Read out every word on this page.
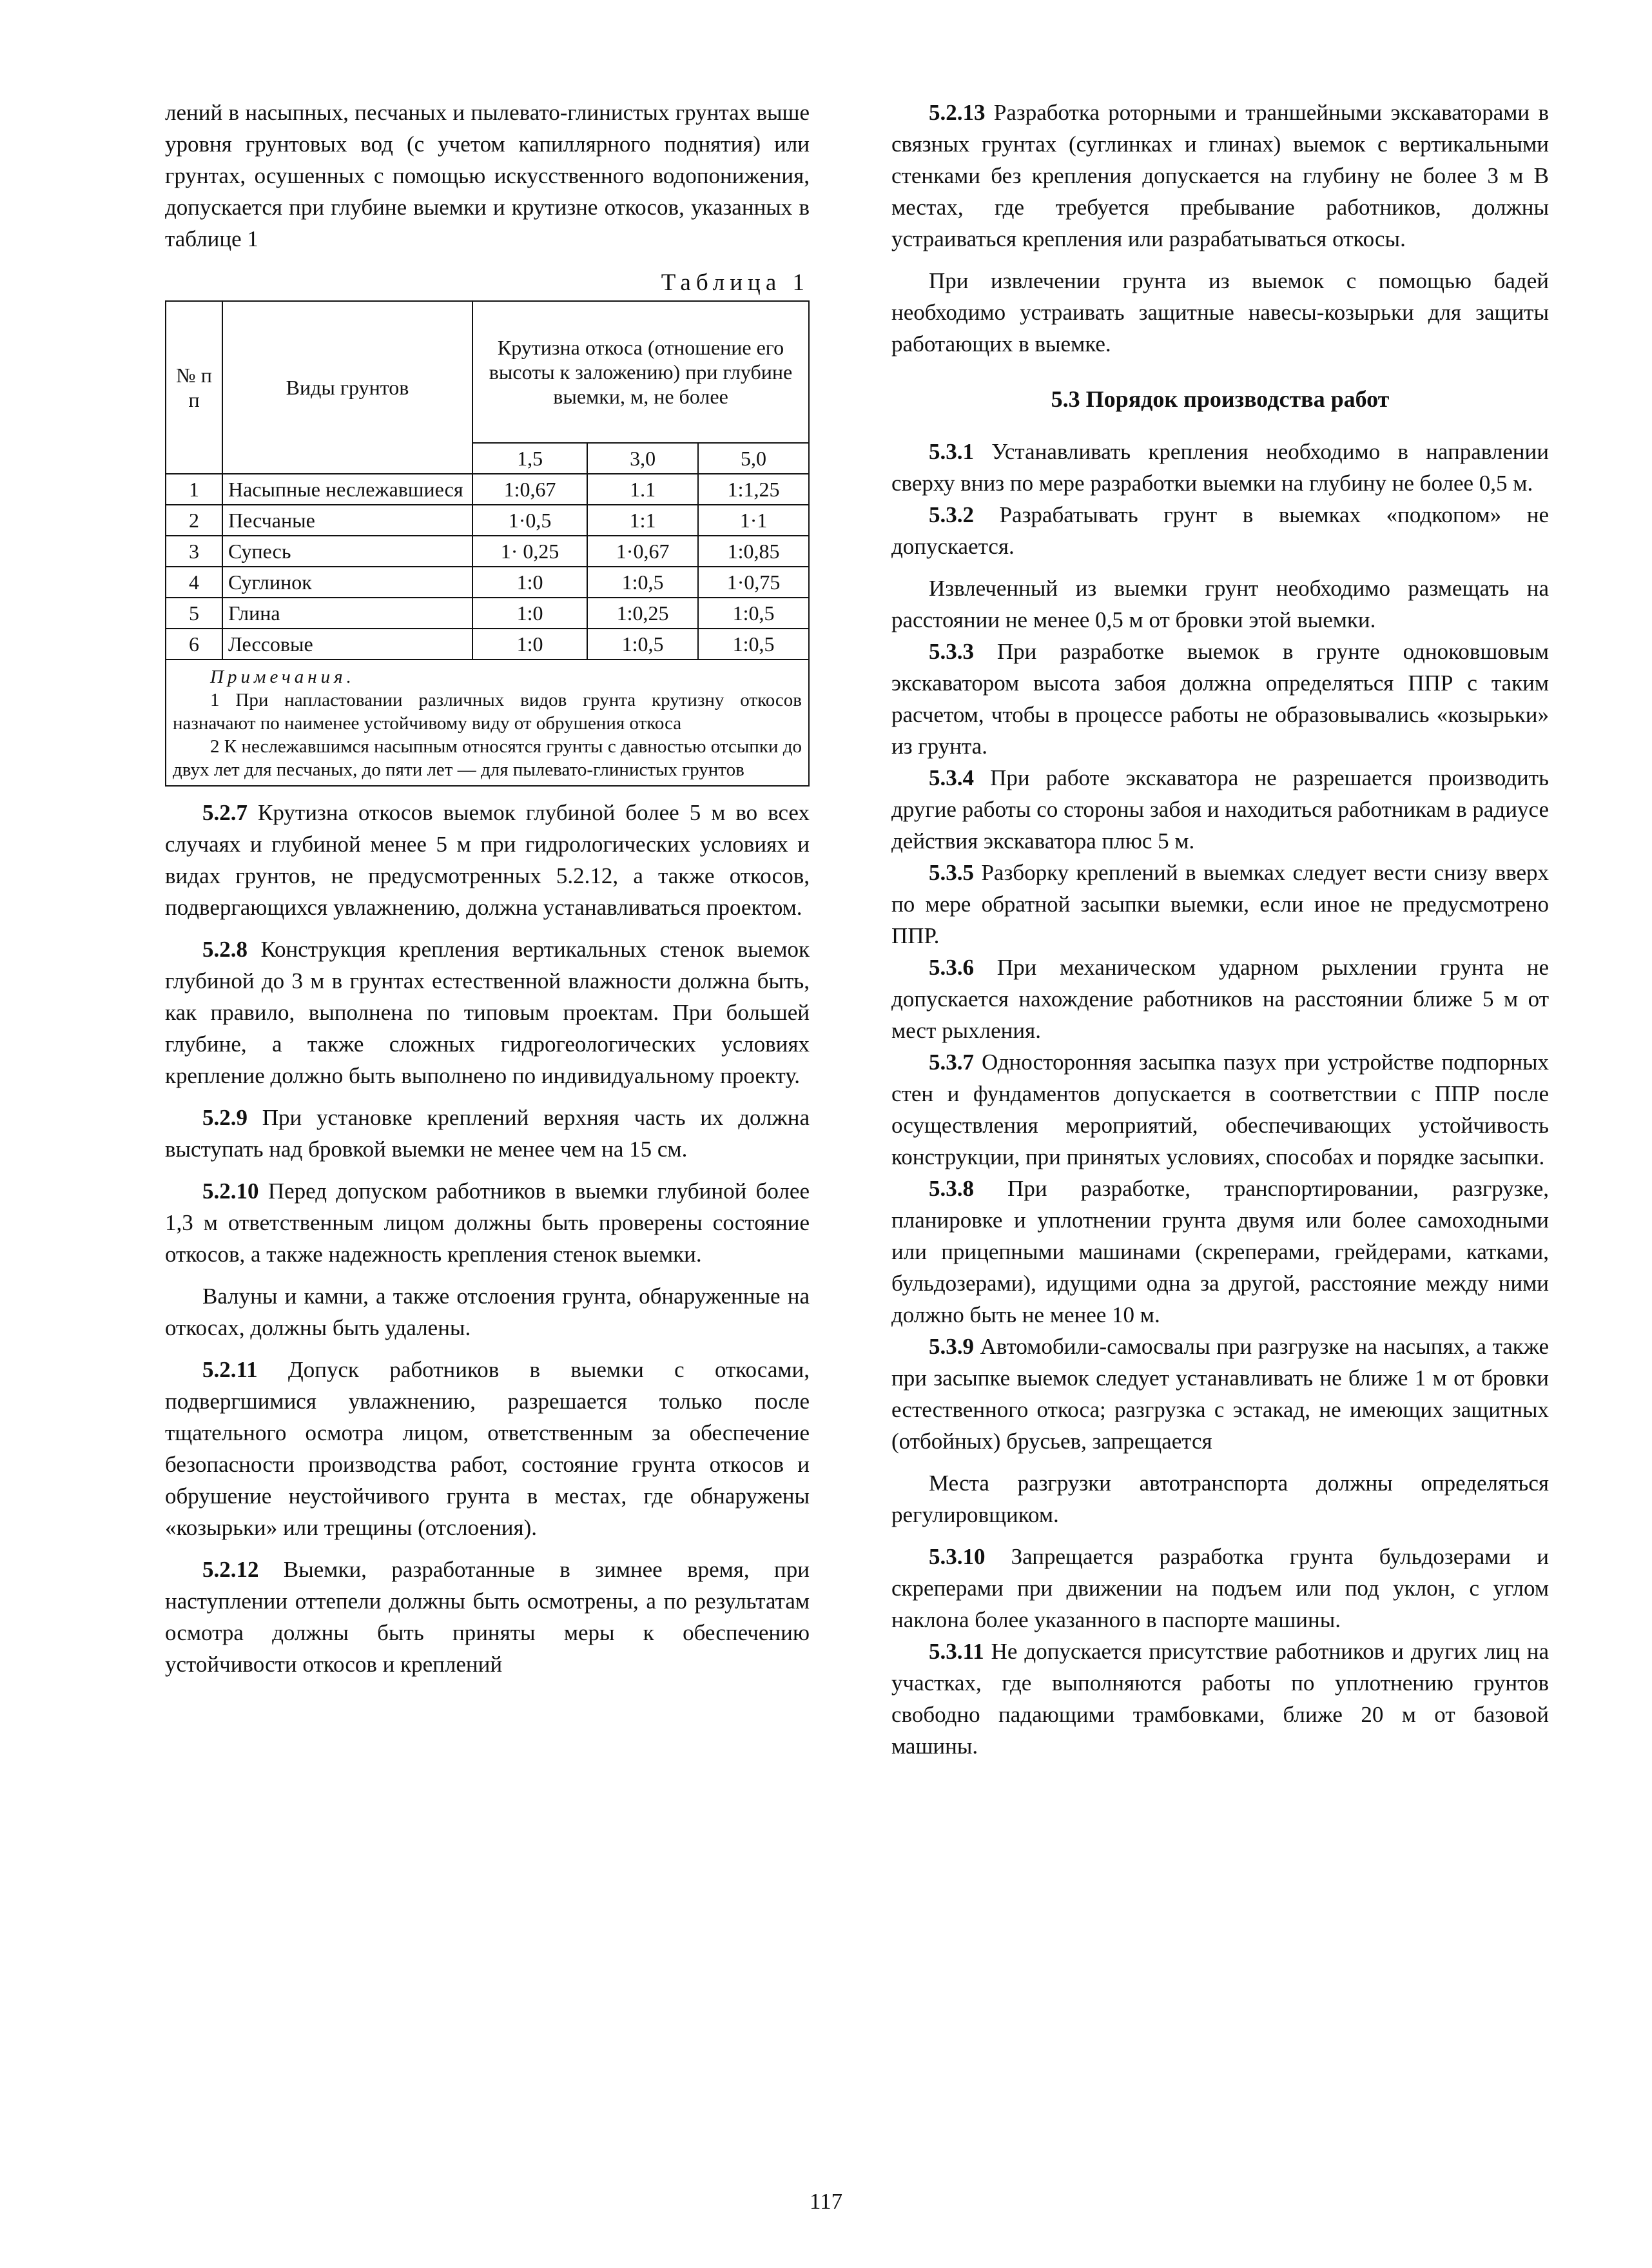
лений в насыпных, песчаных и пылевато-глинистых грунтах выше уровня грунтовых вод (с учетом капиллярного поднятия) или грунтах, осушенных с помощью искусственного водопонижения, допускается при глубине выемки и крутизне откосов, указанных в таблице 1

Таблица 1
№ п п	Виды грунтов	Крутизна откоса (отношение его высоты к заложению) при глубине выемки, м, не более		
		1,5	3,0	5,0
1	Насыпные неслежавшиеся	1:0,67	1.1	1:1,25
2	Песчаные	1·0,5	1:1	1·1
3	Супесь	1· 0,25	1·0,67	1:0,85
4	Суглинок	1:0	1:0,5	1·0,75
5	Глина	1:0	1:0,25	1:0,5
6	Лессовые	1:0	1:0,5	1:0,5
Примечания.

1 При напластовании различных видов грунта крутизну откосов назначают по наименее устойчивому виду от обрушения откоса

2 К неслежавшимся насыпным относятся грунты с давностью отсыпки до двух лет для песчаных, до пяти лет — для пылевато-глинистых грунтов

5.2.7 Крутизна откосов выемок глубиной более 5 м во всех случаях и глубиной менее 5 м при гидрологических условиях и видах грунтов, не предусмотренных 5.2.12, а также откосов, подвергающихся увлажнению, должна устанавливаться проектом.

5.2.8 Конструкция крепления вертикальных стенок выемок глубиной до 3 м в грунтах естественной влажности должна быть, как правило, выполнена по типовым проектам. При большей глубине, а также сложных гидрогеологических условиях крепление должно быть выполнено по индивидуальному проекту.

5.2.9 При установке креплений верхняя часть их должна выступать над бровкой выемки не менее чем на 15 см.

5.2.10 Перед допуском работников в выемки глубиной более 1,3 м ответственным лицом должны быть проверены состояние откосов, а также надежность крепления стенок выемки.

Валуны и камни, а также отслоения грунта, обнаруженные на откосах, должны быть удалены.

5.2.11 Допуск работников в выемки с откосами, подвергшимися увлажнению, разрешается только после тщательного осмотра лицом, ответственным за обеспечение безопасности производства работ, состояние грунта откосов и обрушение неустойчивого грунта в местах, где обнаружены «козырьки» или трещины (отслоения).

5.2.12 Выемки, разработанные в зимнее время, при наступлении оттепели должны быть осмотрены, а по результатам осмотра должны быть приняты меры к обеспечению устойчивости откосов и креплений

5.2.13 Разработка роторными и траншейными экскаваторами в связных грунтах (суглинках и глинах) выемок с вертикальными стенками без крепления допускается на глубину не более 3 м В местах, где требуется пребывание работников, должны устраиваться крепления или разрабатываться откосы.

При извлечении грунта из выемок с помощью бадей необходимо устраивать защитные навесы-козырьки для защиты работающих в выемке.

5.3 Порядок производства работ

5.3.1 Устанавливать крепления необходимо в направлении сверху вниз по мере разработки выемки на глубину не более 0,5 м.

5.3.2 Разрабатывать грунт в выемках «подкопом» не допускается.

Извлеченный из выемки грунт необходимо размещать на расстоянии не менее 0,5 м от бровки этой выемки.

5.3.3 При разработке выемок в грунте одноковшовым экскаватором высота забоя должна определяться ППР с таким расчетом, чтобы в процессе работы не образовывались «козырьки» из грунта.

5.3.4 При работе экскаватора не разрешается производить другие работы со стороны забоя и находиться работникам в радиусе действия экскаватора плюс 5 м.

5.3.5 Разборку креплений в выемках следует вести снизу вверх по мере обратной засыпки выемки, если иное не предусмотрено ППР.

5.3.6 При механическом ударном рыхлении грунта не допускается нахождение работников на расстоянии ближе 5 м от мест рыхления.

5.3.7 Односторонняя засыпка пазух при устройстве подпорных стен и фундаментов допускается в соответствии с ППР после осуществления мероприятий, обеспечивающих устойчивость конструкции, при принятых условиях, способах и порядке засыпки.

5.3.8 При разработке, транспортировании, разгрузке, планировке и уплотнении грунта двумя или более самоходными или прицепными машинами (скреперами, грейдерами, катками, бульдозерами), идущими одна за другой, расстояние между ними должно быть не менее 10 м.

5.3.9 Автомобили-самосвалы при разгрузке на насыпях, а также при засыпке выемок следует устанавливать не ближе 1 м от бровки естественного откоса; разгрузка с эстакад, не имеющих защитных (отбойных) брусьев, запрещается

Места разгрузки автотранспорта должны определяться регулировщиком.

5.3.10 Запрещается разработка грунта бульдозерами и скреперами при движении на подъем или под уклон, с углом наклона более указанного в паспорте машины.

5.3.11 Не допускается присутствие работников и других лиц на участках, где выполняются работы по уплотнению грунтов свободно падающими трамбовками, ближе 20 м от базовой машины.

117
